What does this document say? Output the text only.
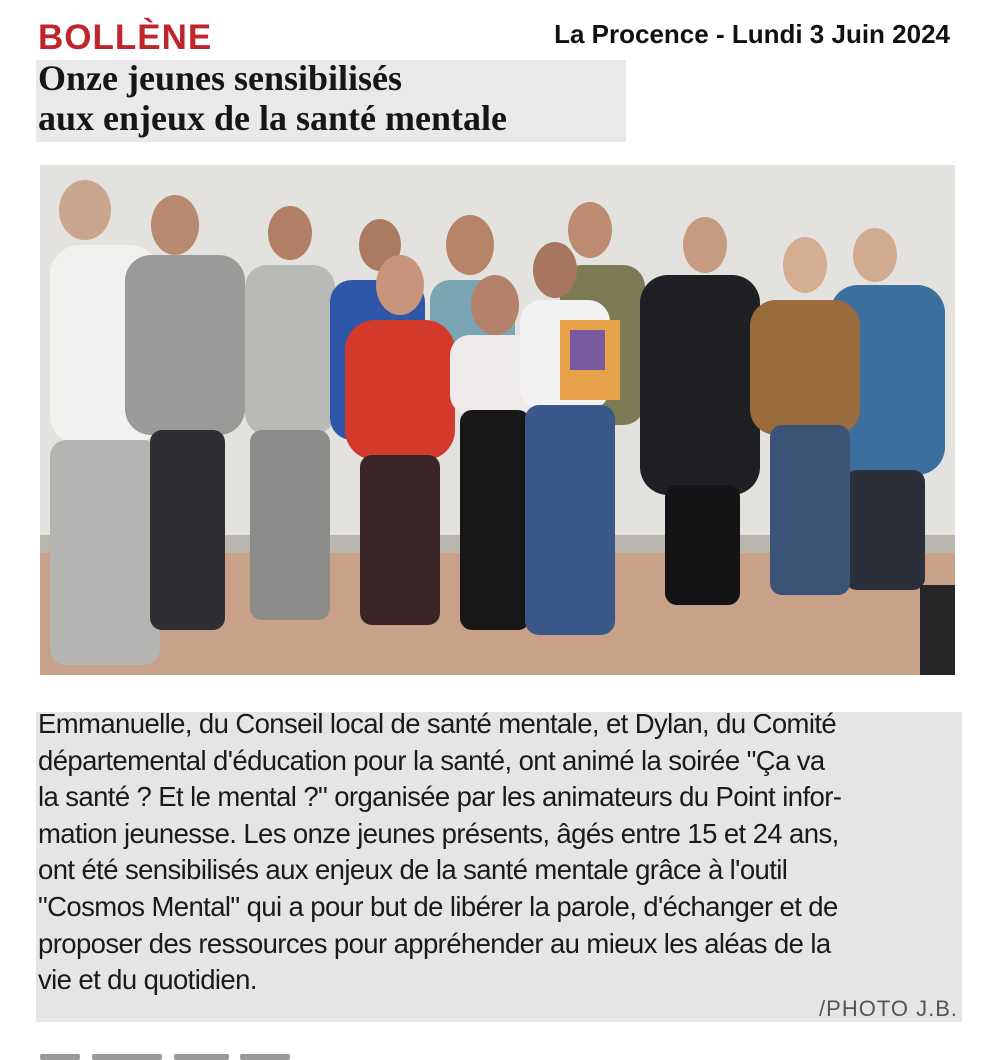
BOLLÈNE	La Procence - Lundi 3 Juin 2024
Onze jeunes sensibilisés
aux enjeux de la santé mentale

Emmanuelle, du Conseil local de santé mentale, et Dylan, du Comité
départemental d'éducation pour la santé, ont animé la soirée "Ça va
la santé ? Et le mental ?" organisée par les animateurs du Point infor-
mation jeunesse. Les onze jeunes présents, âgés entre 15 et 24 ans,
ont été sensibilisés aux enjeux de la santé mentale grâce à l'outil
"Cosmos Mental" qui a pour but de libérer la parole, d'échanger et de
proposer des ressources pour appréhender au mieux les aléas de la
vie et du quotidien.

/PHOTO J.B.
